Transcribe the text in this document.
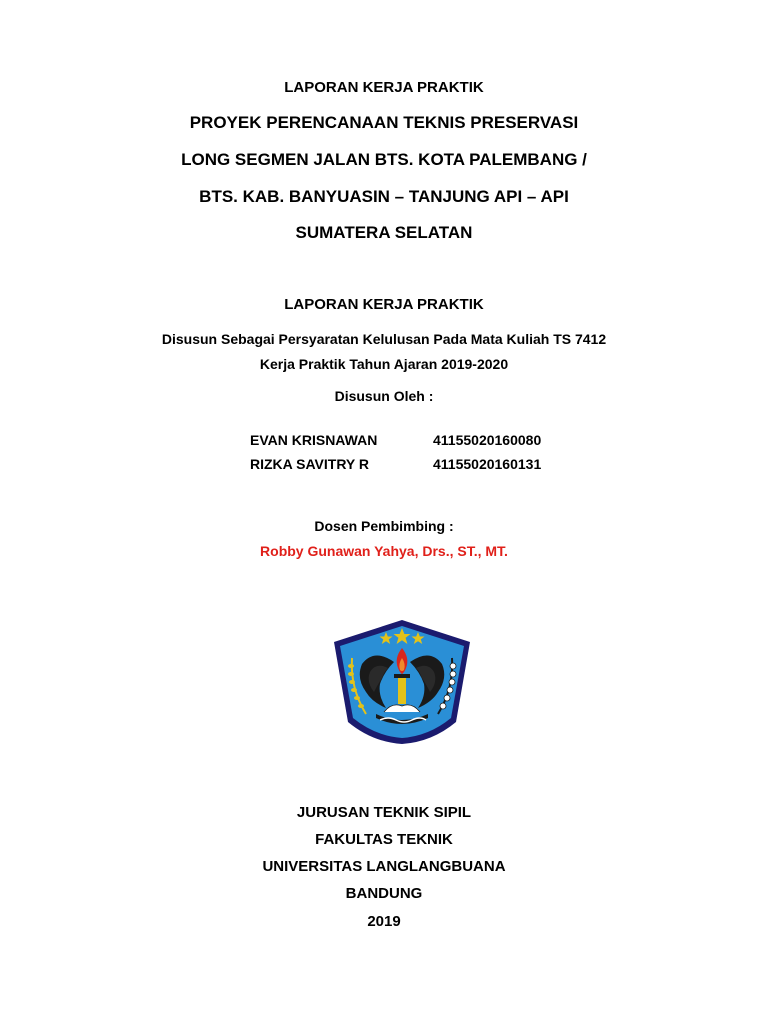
LAPORAN KERJA PRAKTIK
PROYEK PERENCANAAN TEKNIS PRESERVASI
LONG SEGMEN JALAN BTS. KOTA PALEMBANG /
BTS. KAB. BANYUASIN – TANJUNG API – API
SUMATERA SELATAN
LAPORAN KERJA PRAKTIK
Disusun Sebagai Persyaratan Kelulusan Pada Mata Kuliah TS 7412
Kerja Praktik Tahun Ajaran 2019-2020
Disusun Oleh :
EVAN KRISNAWAN	41155020160080
RIZKA SAVITRY R	41155020160131
Dosen Pembimbing :
Robby Gunawan Yahya, Drs., ST., MT.
JURUSAN TEKNIK SIPIL
FAKULTAS TEKNIK
UNIVERSITAS LANGLANGBUANA
BANDUNG
2019
